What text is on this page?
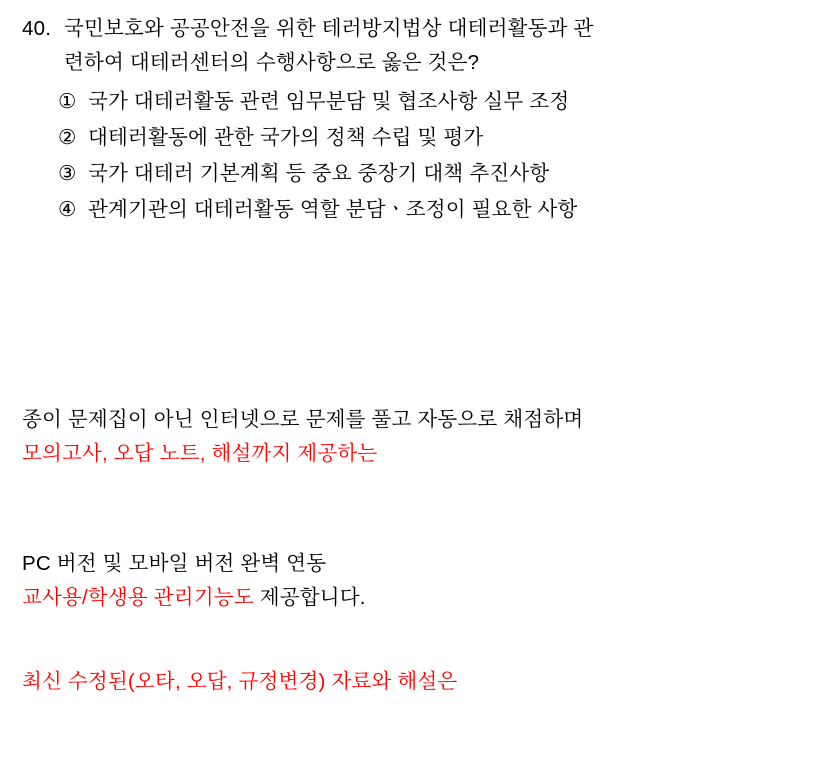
40. 국민보호와 공공안전을 위한 테러방지법상 대테러활동과 관
련하여 대테러센터의 수행사항으로 옳은 것은?
① 국가 대테러활동 관련 임무분담 및 협조사항 실무 조정
② 대테러활동에 관한 국가의 정책 수립 및 평가
③ 국가 대테러 기본계획 등 중요 중장기 대책 추진사항
④ 관계기관의 대테러활동 역할 분담ㆍ조정이 필요한 사항
종이 문제집이 아닌 인터넷으로 문제를 풀고 자동으로 채점하며
모의고사, 오답 노트, 해설까지 제공하는
PC 버전 및 모바일 버전 완벽 연동
교사용/학생용 관리기능도 제공합니다.
최신 수정된(오타, 오답, 규정변경) 자료와 해설은
